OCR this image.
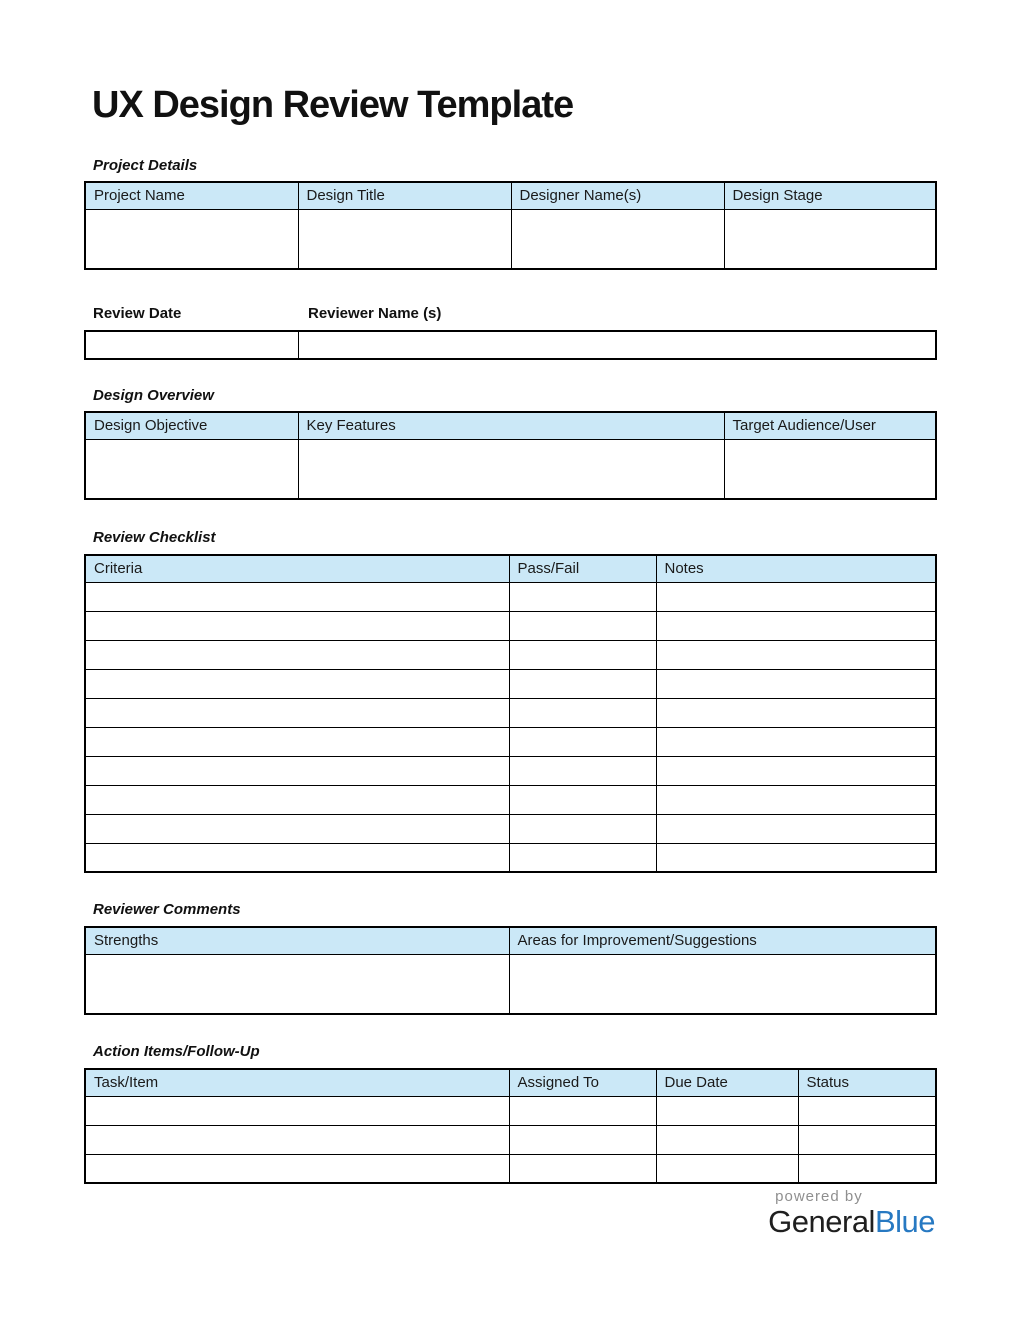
UX Design Review Template
Project Details
Project Name	Design Title	Designer Name(s)	Design Stage

Review Date	Reviewer Name (s)

Design Overview
Design Objective	Key Features	Target Audience/User

Review Checklist
Criteria	Pass/Fail	Notes

Reviewer Comments
Strengths	Areas for Improvement/Suggestions

Action Items/Follow-Up
Task/Item	Assigned To	Due Date	Status

powered by
GeneralBlue
